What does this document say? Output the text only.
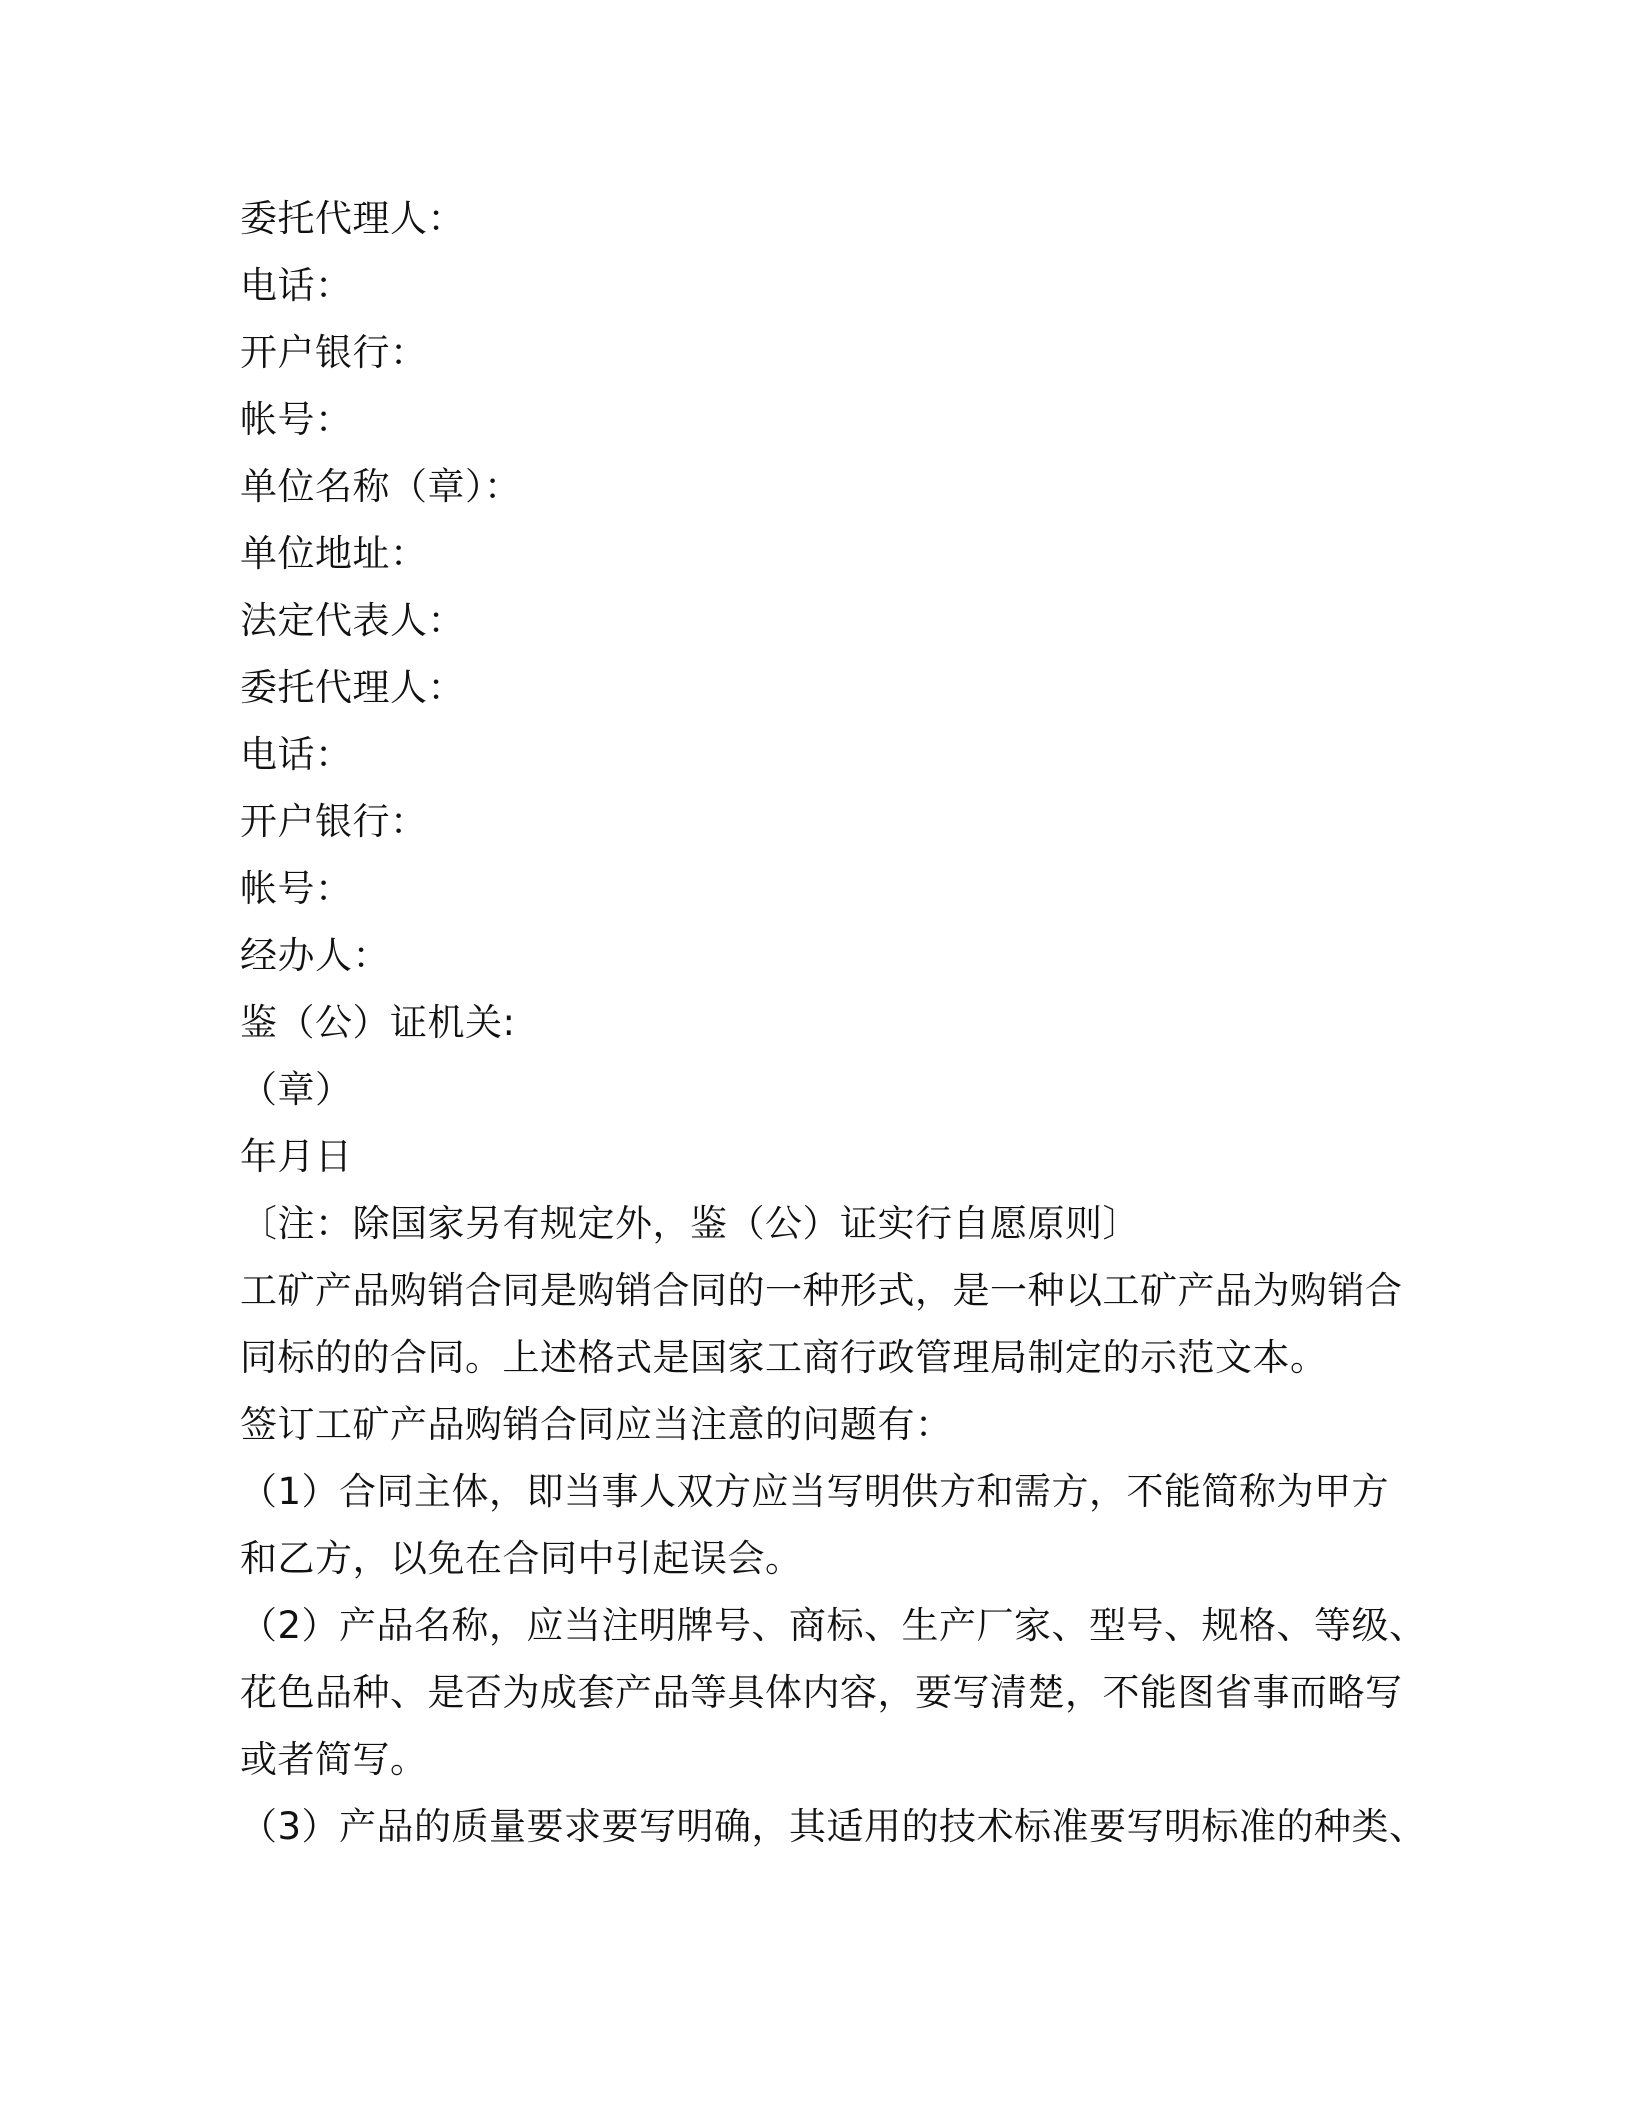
委托代理人：
电话：
开户银行：
帐号：
单位名称（章）：
单位地址：
法定代表人：
委托代理人：
电话：
开户银行：
帐号：
经办人：
鉴（公）证机关:
（章）
年月日
〔注：除国家另有规定外，鉴（公）证实行自愿原则〕
工矿产品购销合同是购销合同的一种形式，是一种以工矿产品为购销合
同标的的合同。上述格式是国家工商行政管理局制定的示范文本。
签订工矿产品购销合同应当注意的问题有：
（1）合同主体，即当事人双方应当写明供方和需方，不能简称为甲方
和乙方，以免在合同中引起误会。
（2）产品名称，应当注明牌号、商标、生产厂家、型号、规格、等级、
花色品种、是否为成套产品等具体内容，要写清楚，不能图省事而略写
或者简写。
（3）产品的质量要求要写明确，其适用的技术标准要写明标准的种类、
